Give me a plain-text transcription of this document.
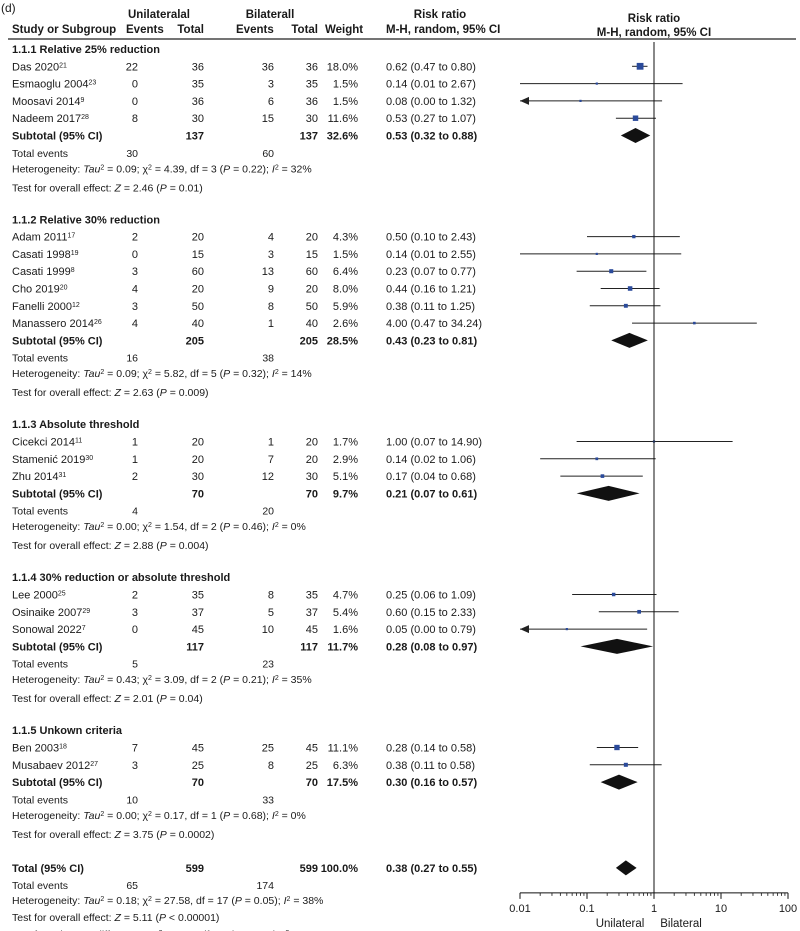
(d)	Unilateralal	Bilaterall	Risk ratio	Risk ratio
Study or Subgroup Events Total	Events Total Weight M-H, random, 95% CI	M-H, random, 95% CI
1.1.1 Relative 25% reduction
Das 2020$^{21}$	22	36	36	36 18.0%	0.62 (0.47 to 0.80)
Esmaoglu 2004$^{23}$	0	35	3	35 1.5%	0.14 (0.01 to 2.67)
Moosavi 2014$^9$	0	36	6	36 1.5%	0.08 (0.00 to 1.32)
Nadeem 2017$^{28}$	8	30	15	30 11.6%	0.53 (0.27 to 1.07)
Subtotal (95% CI)	137	137 32.6%	0.53 (0.32 to 0.88)
Total events	30	60
Heterogeneity: Tau$^2$ = 0.09; $\chi^2 = 4.39$, df = 3 (P = 0.22); $I^2 = 32\%$
Test for overall effect: Z = 2.46 (P = 0.01)
1.1.2 Relative 30% reduction
Adam 2011$^{17}$	2	20	4	20 4.3%	0.50 (0.10 to 2.43)
Casati 1998$^{19}$	0	15	3	15 1.5%	0.14 (0.01 to 2.55)
Casati 1999$^8$	3	60	13	60 6.4%	0.23 (0.07 to 0.77)
Cho 2019$^{20}$	4	20	9	20 8.0%	0.44 (0.16 to 1.21)
Fanelli 2000$^{12}$	3	50	8	50 5.9%	0.38 (0.11 to 1.25)
Manassero 2014$^{26}$	4	40	1	40 2.6%	4.00 (0.47 to 34.24)
Subtotal (95% CI)	205	205 28.5%	0.43 (0.23 to 0.81)
Total events	16	38
Heterogeneity: Tau$^2$ = 0.09; $\chi^2 = 5.82$, df = 5 (P = 0.32); $I^2 = 14\%$
Test for overall effect: Z = 2.63 (P = 0.009)
1.1.3 Absolute threshold
Cicekci 2014$^{11}$	1	20	1	20 1.7%	1.00 (0.07 to 14.90)
Stamenić 2019$^{30}$	1	20	7	20 2.9%	0.14 (0.02 to 1.06)
Zhu 2014$^{31}$	2	30	12	30 5.1%	0.17 (0.04 to 0.68)
Subtotal (95% CI)	70	70 9.7%	0.21 (0.07 to 0.61)
Total events	4	20
Heterogeneity: Tau$^2$ = 0.00; $\chi^2 = 1.54$, df = 2 (P = 0.46); $I^2 = 0\%$
Test for overall effect: Z = 2.88 (P = 0.004)
1.1.4 30% reduction or absolute threshold
Lee 2000$^{25}$	2	35	8	35 4.7%	0.25 (0.06 to 1.09)
Osinaike 2007$^{29}$	3	37	5	37 5.4%	0.60 (0.15 to 2.33)
Sonowal 2022$^7$	0	45	10	45 1.6%	0.05 (0.00 to 0.79)
Subtotal (95% CI)	117	117 11.7%	0.28 (0.08 to 0.97)
Total events	5	23
Heterogeneity: Tau$^2$ = 0.43; $\chi^2 = 3.09$, df = 2 (P = 0.21); $I^2 = 35\%$
Test for overall effect: Z = 2.01 (P = 0.04)
1.1.5 Unkown criteria
Ben 2003$^{18}$	7	45	25	45 11.1%	0.28 (0.14 to 0.58)
Musabaev 2012$^{27}$	3	25	8	25 6.3%	0.38 (0.11 to 0.58)
Subtotal (95% CI)	70	70 17.5%	0.30 (0.16 to 0.57)
Total events	10	33
Heterogeneity: Tau$^2$ = 0.00; $\chi^2 = 0.17$, df = 1 (P = 0.68); $I^2 = 0\%$
Test for overall effect: Z = 3.75 (P = 0.0002)
Total (95% CI)	599	599 100.0%	0.38 (0.27 to 0.55)
Total events	65	174
Heterogeneity: Tau$^2$ = 0.18; $\chi^2 = 27.58$, df = 17 (P = 0.05); $I^2 = 38\%$
Test for overall effect: Z = 5.11 (P < 0.00001)
0.01	0.1	1	10	100
Unilateral Bilateral
